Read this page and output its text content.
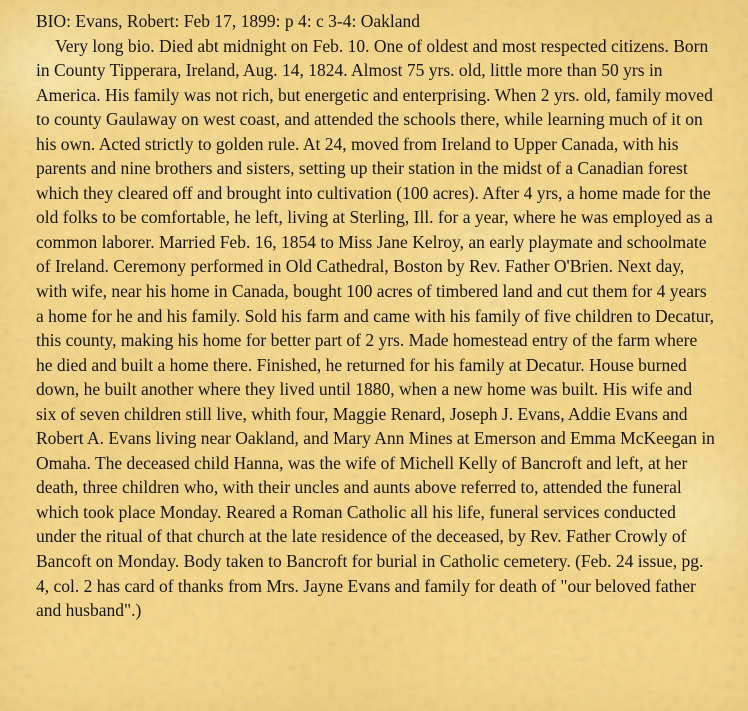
BIO: Evans, Robert: Feb 17, 1899: p 4: c 3-4: Oakland

Very long bio. Died abt midnight on Feb. 10. One of oldest and most respected citizens. Born in County Tipperara, Ireland, Aug. 14, 1824. Almost 75 yrs. old, little more than 50 yrs in America. His family was not rich, but energetic and enterprising. When 2 yrs. old, family moved to county Gaulaway on west coast, and attended the schools there, while learning much of it on his own. Acted strictly to golden rule. At 24, moved from Ireland to Upper Canada, with his parents and nine brothers and sisters, setting up their station in the midst of a Canadian forest which they cleared off and brought into cultivation (100 acres). After 4 yrs, a home made for the old folks to be comfortable, he left, living at Sterling, Ill. for a year, where he was employed as a common laborer. Married Feb. 16, 1854 to Miss Jane Kelroy, an early playmate and schoolmate of Ireland. Ceremony performed in Old Cathedral, Boston by Rev. Father O'Brien. Next day, with wife, near his home in Canada, bought 100 acres of timbered land and cut them for 4 years a home for he and his family. Sold his farm and came with his family of five children to Decatur, this county, making his home for better part of 2 yrs. Made homestead entry of the farm where he died and built a home there. Finished, he returned for his family at Decatur. House burned down, he built another where they lived until 1880, when a new home was built. His wife and six of seven children still live, whith four, Maggie Renard, Joseph J. Evans, Addie Evans and Robert A. Evans living near Oakland, and Mary Ann Mines at Emerson and Emma McKeegan in Omaha. The deceased child Hanna, was the wife of Michell Kelly of Bancroft and left, at her death, three children who, with their uncles and aunts above referred to, attended the funeral which took place Monday. Reared a Roman Catholic all his life, funeral services conducted under the ritual of that church at the late residence of the deceased, by Rev. Father Crowly of Bancoft on Monday. Body taken to Bancroft for burial in Catholic cemetery. (Feb. 24 issue, pg. 4, col. 2 has card of thanks from Mrs. Jayne Evans and family for death of "our beloved father and husband".)
